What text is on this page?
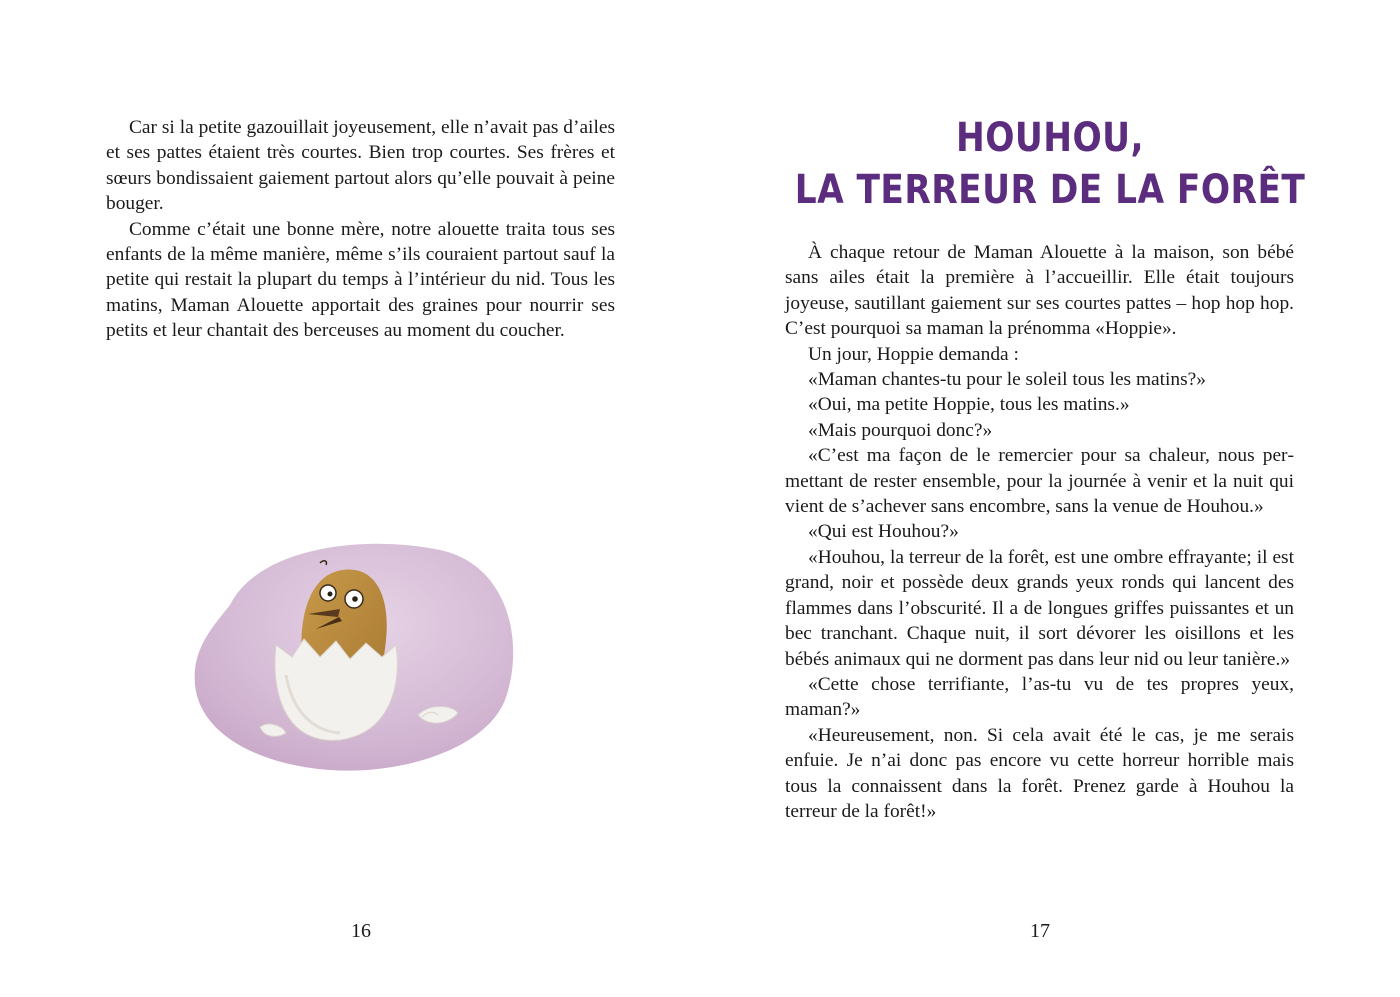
Car si la petite gazouillait joyeusement, elle n’avait pas d’ailes et ses pattes étaient très courtes. Bien trop courtes. Ses frères et sœurs bondissaient gaiement partout alors qu’elle pouvait à peine bouger.

Comme c’était une bonne mère, notre alouette traita tous ses enfants de la même manière, même s’ils couraient partout sauf la petite qui restait la plupart du temps à l’intérieur du nid. Tous les matins, Maman Alouette apportait des graines pour nourrir ses petits et leur chantait des berceuses au moment du coucher.

16
HOUHOU,
LA TERREUR DE LA FORÊT

À chaque retour de Maman Alouette à la maison, son bébé sans ailes était la première à l’accueillir. Elle était toujours joyeuse, sautillant gaiement sur ses courtes pattes – hop hop hop. C’est pourquoi sa maman la prénomma «Hoppie».

Un jour, Hoppie demanda :

«Maman chantes-tu pour le soleil tous les matins?»

«Oui, ma petite Hoppie, tous les matins.»

«Mais pourquoi donc?»

«C’est ma façon de le remercier pour sa chaleur, nous permettant de rester ensemble, pour la journée à venir et la nuit qui vient de s’achever sans encombre, sans la venue de Houhou.»

«Qui est Houhou?»

«Houhou, la terreur de la forêt, est une ombre effrayante; il est grand, noir et possède deux grands yeux ronds qui lancent des flammes dans l’obscurité. Il a de longues griffes puissantes et un bec tranchant. Chaque nuit, il sort dévorer les oisillons et les bébés animaux qui ne dorment pas dans leur nid ou leur tanière.»

«Cette chose terrifiante, l’as-tu vu de tes propres yeux, maman?»

«Heureusement, non. Si cela avait été le cas, je me serais enfuie. Je n’ai donc pas encore vu cette horreur horrible mais tous la connaissent dans la forêt. Prenez garde à Houhou la terreur de la forêt!»

17
